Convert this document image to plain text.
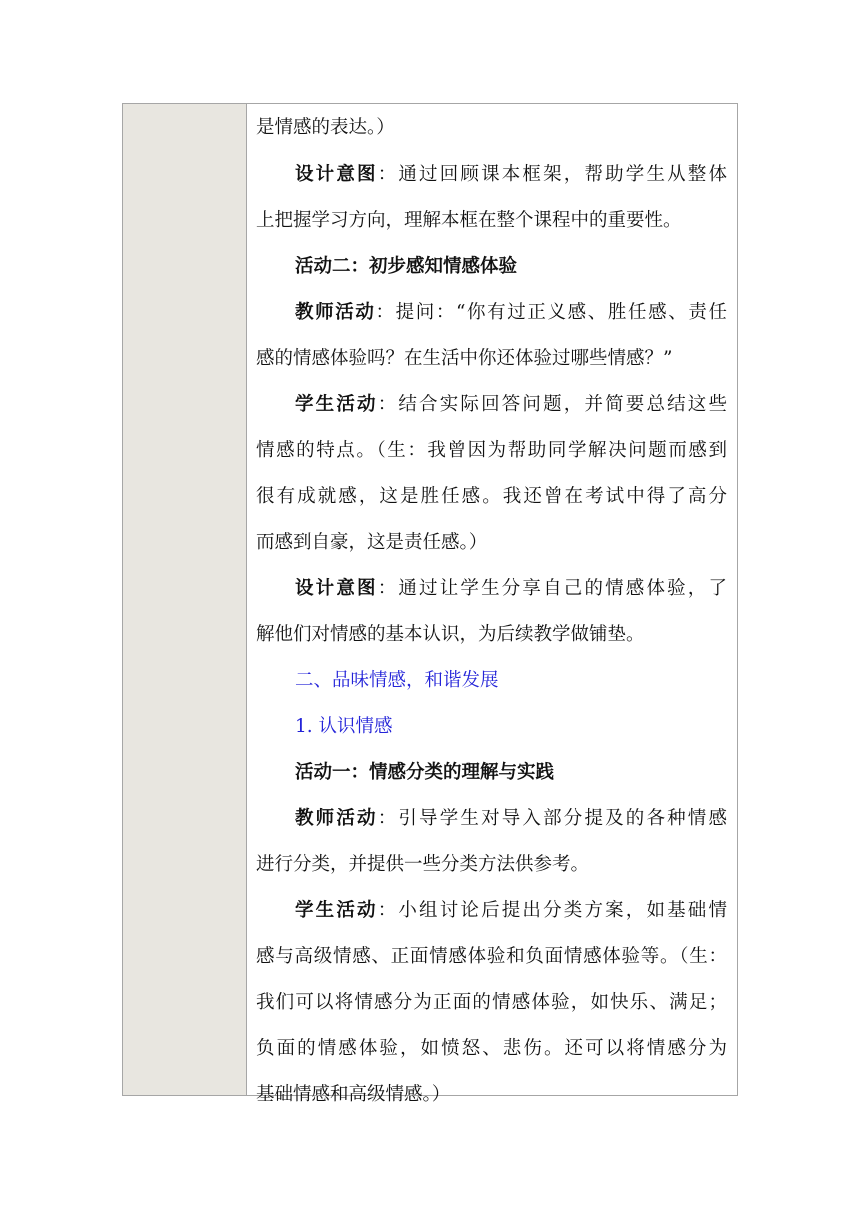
是情感的表达。）
设计意图：通过回顾课本框架，帮助学生从整体
上把握学习方向，理解本框在整个课程中的重要性。
活动二：初步感知情感体验
教师活动：提问：“你有过正义感、胜任感、责任
感的情感体验吗？在生活中你还体验过哪些情感？”
学生活动：结合实际回答问题，并简要总结这些
情感的特点。（生：我曾因为帮助同学解决问题而感到
很有成就感，这是胜任感。我还曾在考试中得了高分
而感到自豪，这是责任感。）
设计意图：通过让学生分享自己的情感体验，了
解他们对情感的基本认识，为后续教学做铺垫。
二、品味情感，和谐发展
1. 认识情感
活动一：情感分类的理解与实践
教师活动：引导学生对导入部分提及的各种情感
进行分类，并提供一些分类方法供参考。
学生活动：小组讨论后提出分类方案，如基础情
感与高级情感、正面情感体验和负面情感体验等。（生：
我们可以将情感分为正面的情感体验，如快乐、满足；
负面的情感体验，如愤怒、悲伤。还可以将情感分为
基础情感和高级情感。）
